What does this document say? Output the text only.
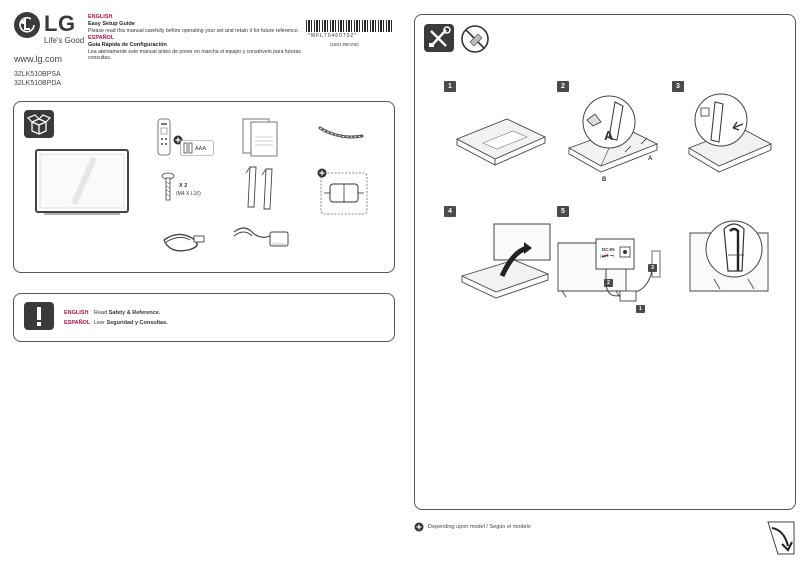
LG
Life's Good
www.lg.com
32LK510BPSA
32LK510BPDA
ENGLISH
Easy Setup Guide
Please read this manual carefully before operating your set and retain it for future reference.
ESPAÑOL
Guía Rápida de Configuración
Lea atentamente este manual antes de poner en marcha el equipo y consérvelo para futuras consultas.
*MFL70460702*
(1801-REV00)
AAA
X 2
(M4 X L16)
ENGLISH Read Safety & Reference.
ESPAÑOL Leer Seguridad y Consultas.
1	2	3
4	5
A
B
A
DC-IN
(19 V ⎓)
2
1
3
Depending upon model / Según el modelo
